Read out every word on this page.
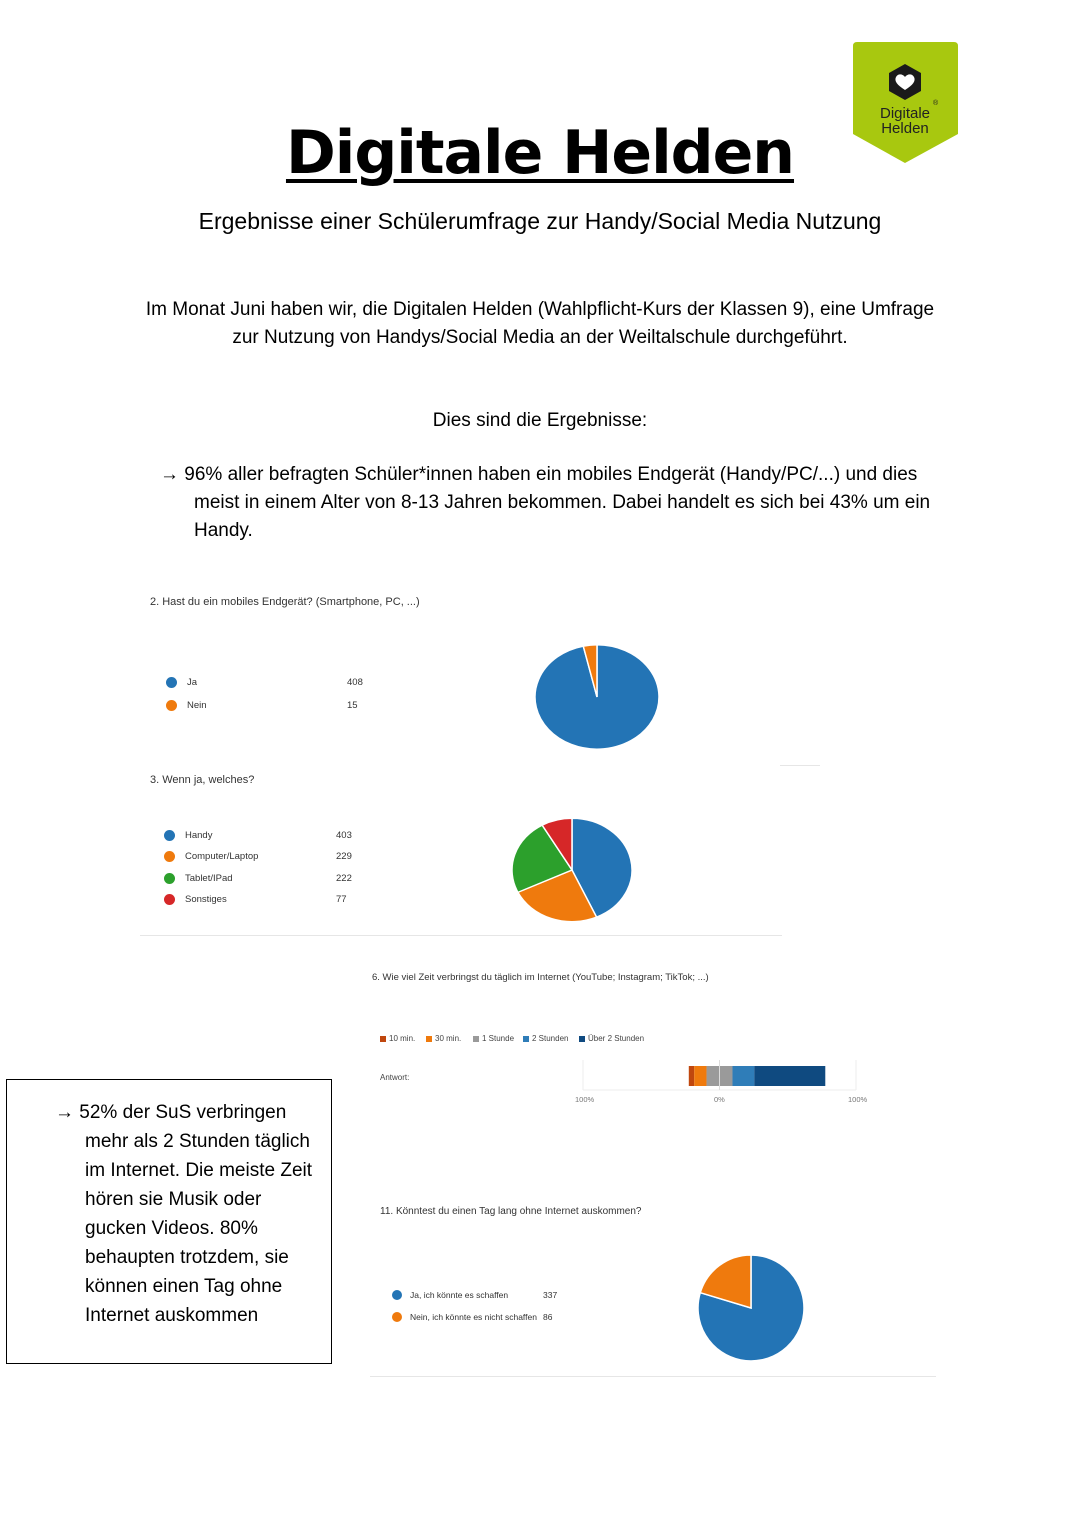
Digitale
Helden
®
Digitale Helden
Ergebnisse einer Schülerumfrage zur Handy/Social Media Nutzung
Im Monat Juni haben wir, die Digitalen Helden (Wahlpflicht-Kurs der Klassen 9), eine Umfrage zur Nutzung von Handys/Social Media an der Weiltalschule durchgeführt.
Dies sind die Ergebnisse:
→ 96% aller befragten Schüler*innen haben ein mobiles Endgerät (Handy/PC/...) und dies meist in einem Alter von 8-13 Jahren bekommen. Dabei handelt es sich bei 43% um ein Handy.
2. Hast du ein mobiles Endgerät? (Smartphone, PC, ...)
Ja	408
Nein	15
3. Wenn ja, welches?
Handy	403
Computer/Laptop	229
Tablet/IPad	222
Sonstiges	77
6. Wie viel Zeit verbringst du täglich im Internet (YouTube; Instagram; TikTok; ...)
10 min. 30 min.	1 Stunde 2 Stunden Über 2 Stunden
Antwort:
100%	0%	100%
→ 52% der SuS verbringen mehr als 2 Stunden täglich im Internet. Die meiste Zeit hören sie Musik oder gucken Videos. 80% behaupten trotzdem, sie können einen Tag ohne Internet auskommen
11. Könntest du einen Tag lang ohne Internet auskommen?
Ja, ich könnte es schaffen	337
Nein, ich könnte es nicht schaffen 86
